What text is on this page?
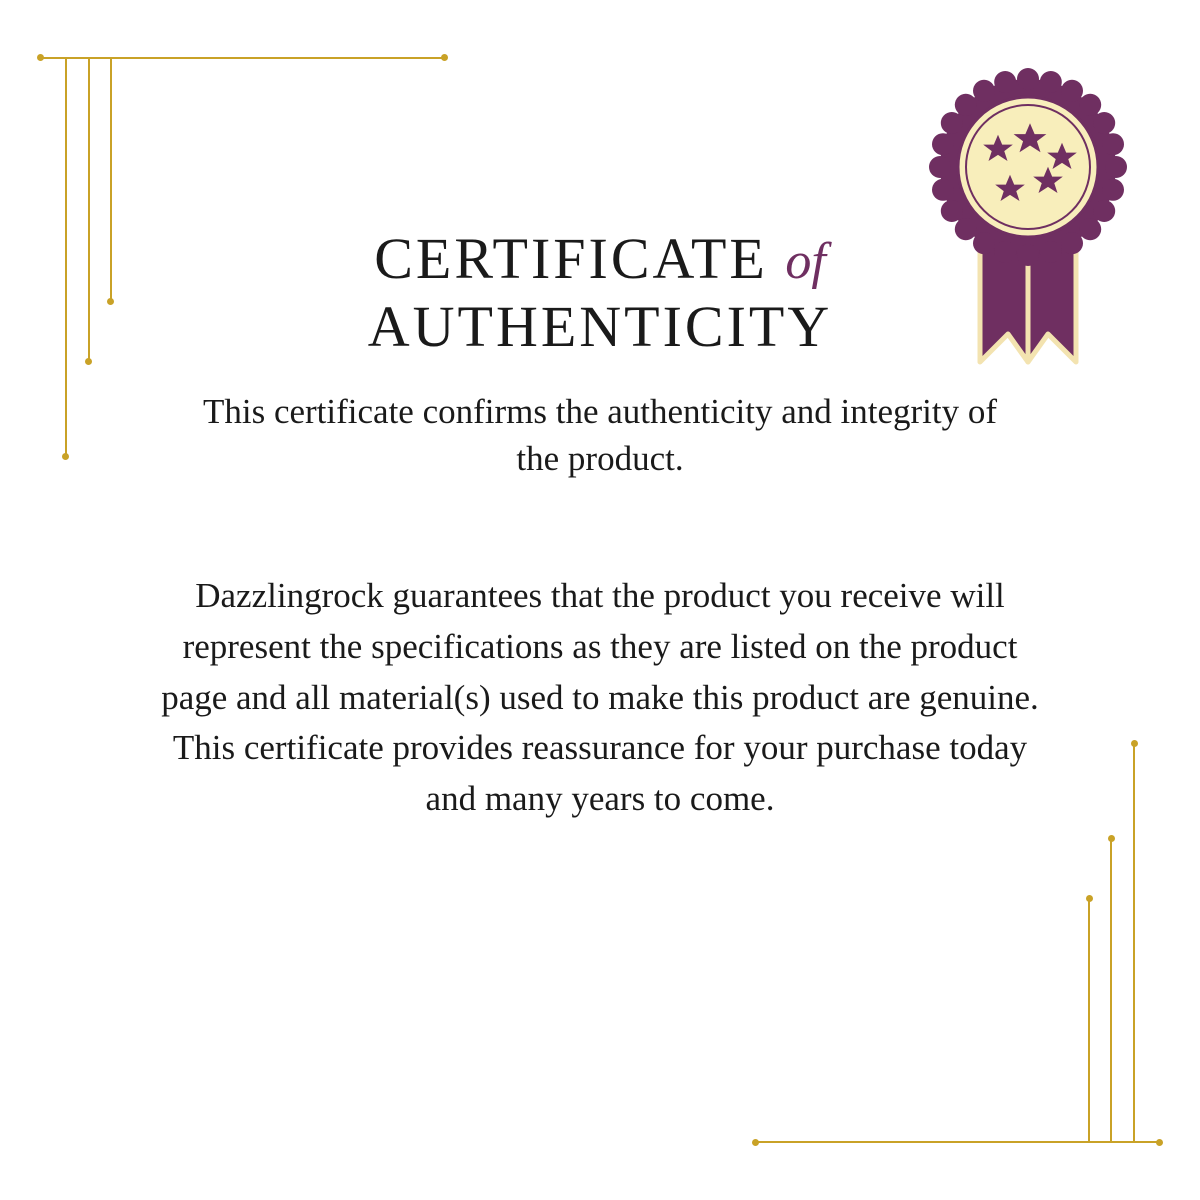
CERTIFICATE of
AUTHENTICITY
This certificate confirms the authenticity and integrity of the product.

Dazzlingrock guarantees that the product you receive will represent the specifications as they are listed on the product page and all material(s) used to make this product are genuine. This certificate provides reassurance for your purchase today and many years to come.
